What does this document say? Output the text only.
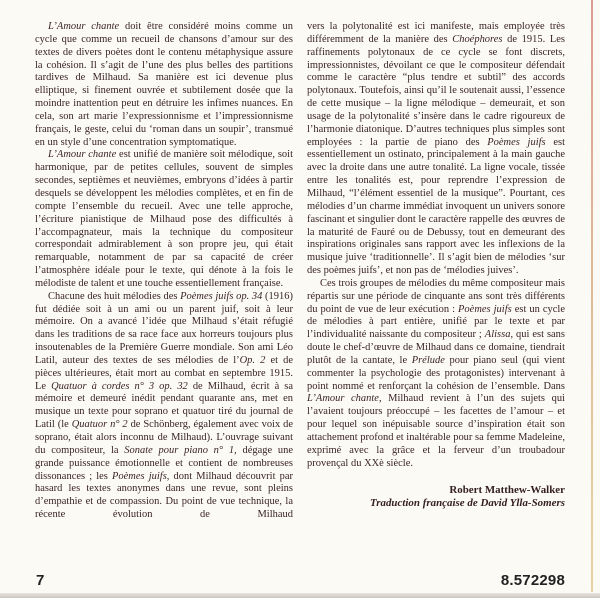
L’Amour chante doit être considéré moins comme un cycle que comme un recueil de chansons d’amour sur des textes de divers poètes dont le contenu métaphysique assure la cohésion. Il s’agit de l’une des plus belles des partitions tardives de Milhaud. Sa manière est ici devenue plus elliptique, si finement ouvrée et subtilement dosée que la moindre inattention peut en détruire les infimes nuances. En cela, son art marie l’expressionnisme et l’impressionnisme français, le geste, celui du ‘roman dans un soupir’, transmué en un style d’une concentration symptomatique.

L’Amour chante est unifié de manière soit mélodique, soit harmonique, par de petites cellules, souvent de simples secondes, septièmes et neuvièmes, embryons d’idées à partir desquels se développent les mélodies complètes, et en fin de compte l’ensemble du recueil. Avec une telle approche, l’écriture pianistique de Milhaud pose des difficultés à l’accompagnateur, mais la technique du compositeur correspondait admirablement à son propre jeu, qui était remarquable, notamment de par sa capacité de créer l’atmosphère idéale pour le texte, qui dénote à la fois le mélodiste de talent et une touche essentiellement française.

Chacune des huit mélodies des Poèmes juifs op. 34 (1916) fut dédiée soit à un ami ou un parent juif, soit à leur mémoire. On a avancé l’idée que Milhaud s’était réfugié dans les traditions de sa race face aux horreurs toujours plus insoutenables de la Première Guerre mondiale. Son ami Léo Latil, auteur des textes de ses mélodies de l’Op. 2 et de pièces ultérieures, était mort au combat en septembre 1915. Le Quatuor à cordes n° 3 op. 32 de Milhaud, écrit à sa mémoire et demeuré inédit pendant quarante ans, met en musique un texte pour soprano et quatuor tiré du journal de Latil (le Quatuor n° 2 de Schönberg, également avec voix de soprano, était alors inconnu de Milhaud). L’ouvrage suivant du compositeur, la Sonate pour piano n° 1, dégage une grande puissance émotionnelle et contient de nombreuses dissonances ; les Poèmes juifs, dont Milhaud découvrit par hasard les textes anonymes dans une revue, sont pleins d’empathie et de compassion. Du point de vue technique, la récente évolution de Milhaud

vers la polytonalité est ici manifeste, mais employée très différemment de la manière des Choéphores de 1915. Les raffinements polytonaux de ce cycle se font discrets, impressionnistes, dévoilant ce que le compositeur défendait comme le caractère “plus tendre et subtil” des accords polytonaux. Toutefois, ainsi qu’il le soutenait aussi, l’essence de cette musique – la ligne mélodique – demeurait, et son usage de la polytonalité s’insère dans le cadre rigoureux de l’harmonie diatonique. D’autres techniques plus simples sont employées : la partie de piano des Poèmes juifs est essentiellement un ostinato, principalement à la main gauche avec la droite dans une autre tonalité. La ligne vocale, tissée entre les tonalités est, pour reprendre l’expression de Milhaud, “l’élément essentiel de la musique”. Pourtant, ces mélodies d’un charme immédiat invoquent un univers sonore fascinant et singulier dont le caractère rappelle des œuvres de la maturité de Fauré ou de Debussy, tout en demeurant des inspirations originales sans rapport avec les inflexions de la musique juive ‘traditionnelle’. Il s’agit bien de mélodies ‘sur des poèmes juifs’, et non pas de ‘mélodies juives’.

Ces trois groupes de mélodies du même compositeur mais répartis sur une période de cinquante ans sont très différents du point de vue de leur exécution : Poèmes juifs est un cycle de mélodies à part entière, unifié par le texte et par l’individualité naissante du compositeur ; Alissa, qui est sans doute le chef-d’œuvre de Milhaud dans ce domaine, tiendrait plutôt de la cantate, le Prélude pour piano seul (qui vient commenter la psychologie des protagonistes) intervenant à point nommé et renforçant la cohésion de l’ensemble. Dans L’Amour chante, Milhaud revient à l’un des sujets qui l’avaient toujours préoccupé – les facettes de l’amour – et pour lequel son inépuisable source d’inspiration était son attachement profond et inaltérable pour sa femme Madeleine, exprimé avec la grâce et la ferveur d’un troubadour provençal du XXè siècle.

Robert Matthew-Walker
Traduction française de David Ylla-Somers
7	8.572298
